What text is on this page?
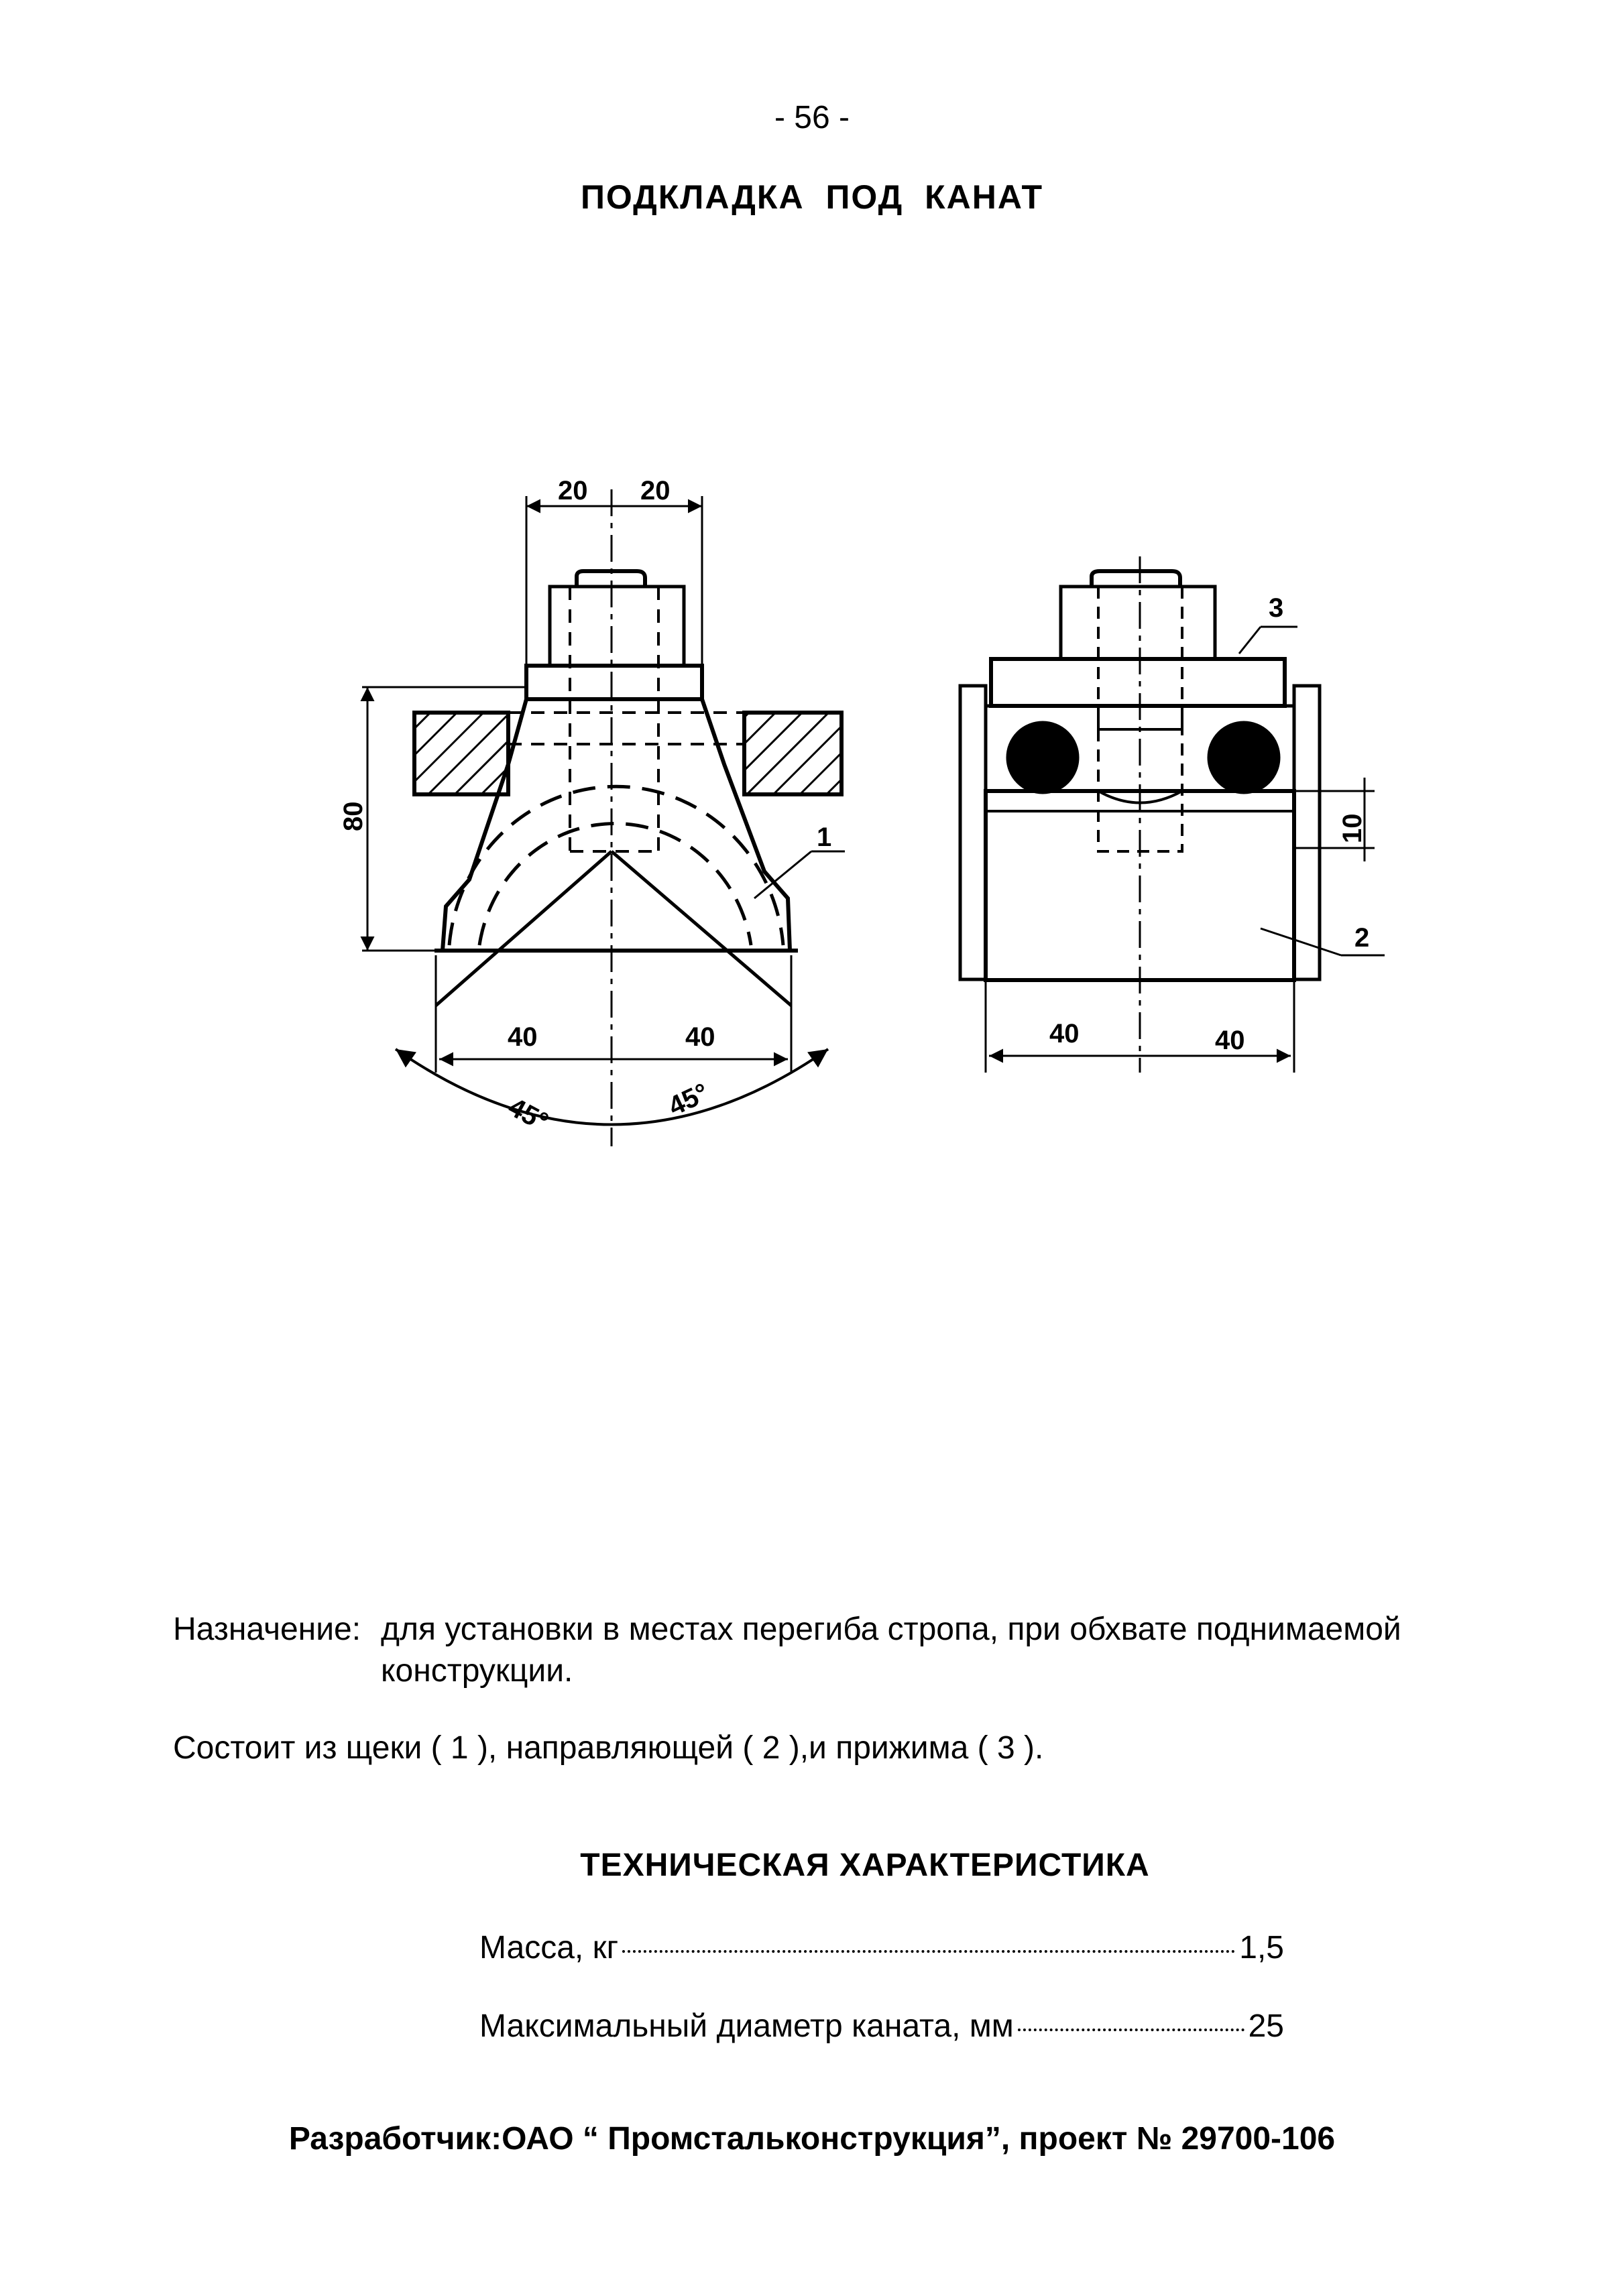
- 56 -
ПОДКЛАДКА ПОД КАНАТ
20 20
80
40	40
45°	45°
1
3
2
10
40	40
Назначение: для установки в местах перегиба стропа, при обхвате поднимаемой конструкции.
Состоит из щеки ( 1 ), направляющей ( 2 ),и прижима ( 3 ).
ТЕХНИЧЕСКАЯ ХАРАКТЕРИСТИКА
Масса, кг	1,5
Максимальный диаметр каната, мм	25
Разработчик:ОАО “ Промстальконструкция”, проект № 29700-106
